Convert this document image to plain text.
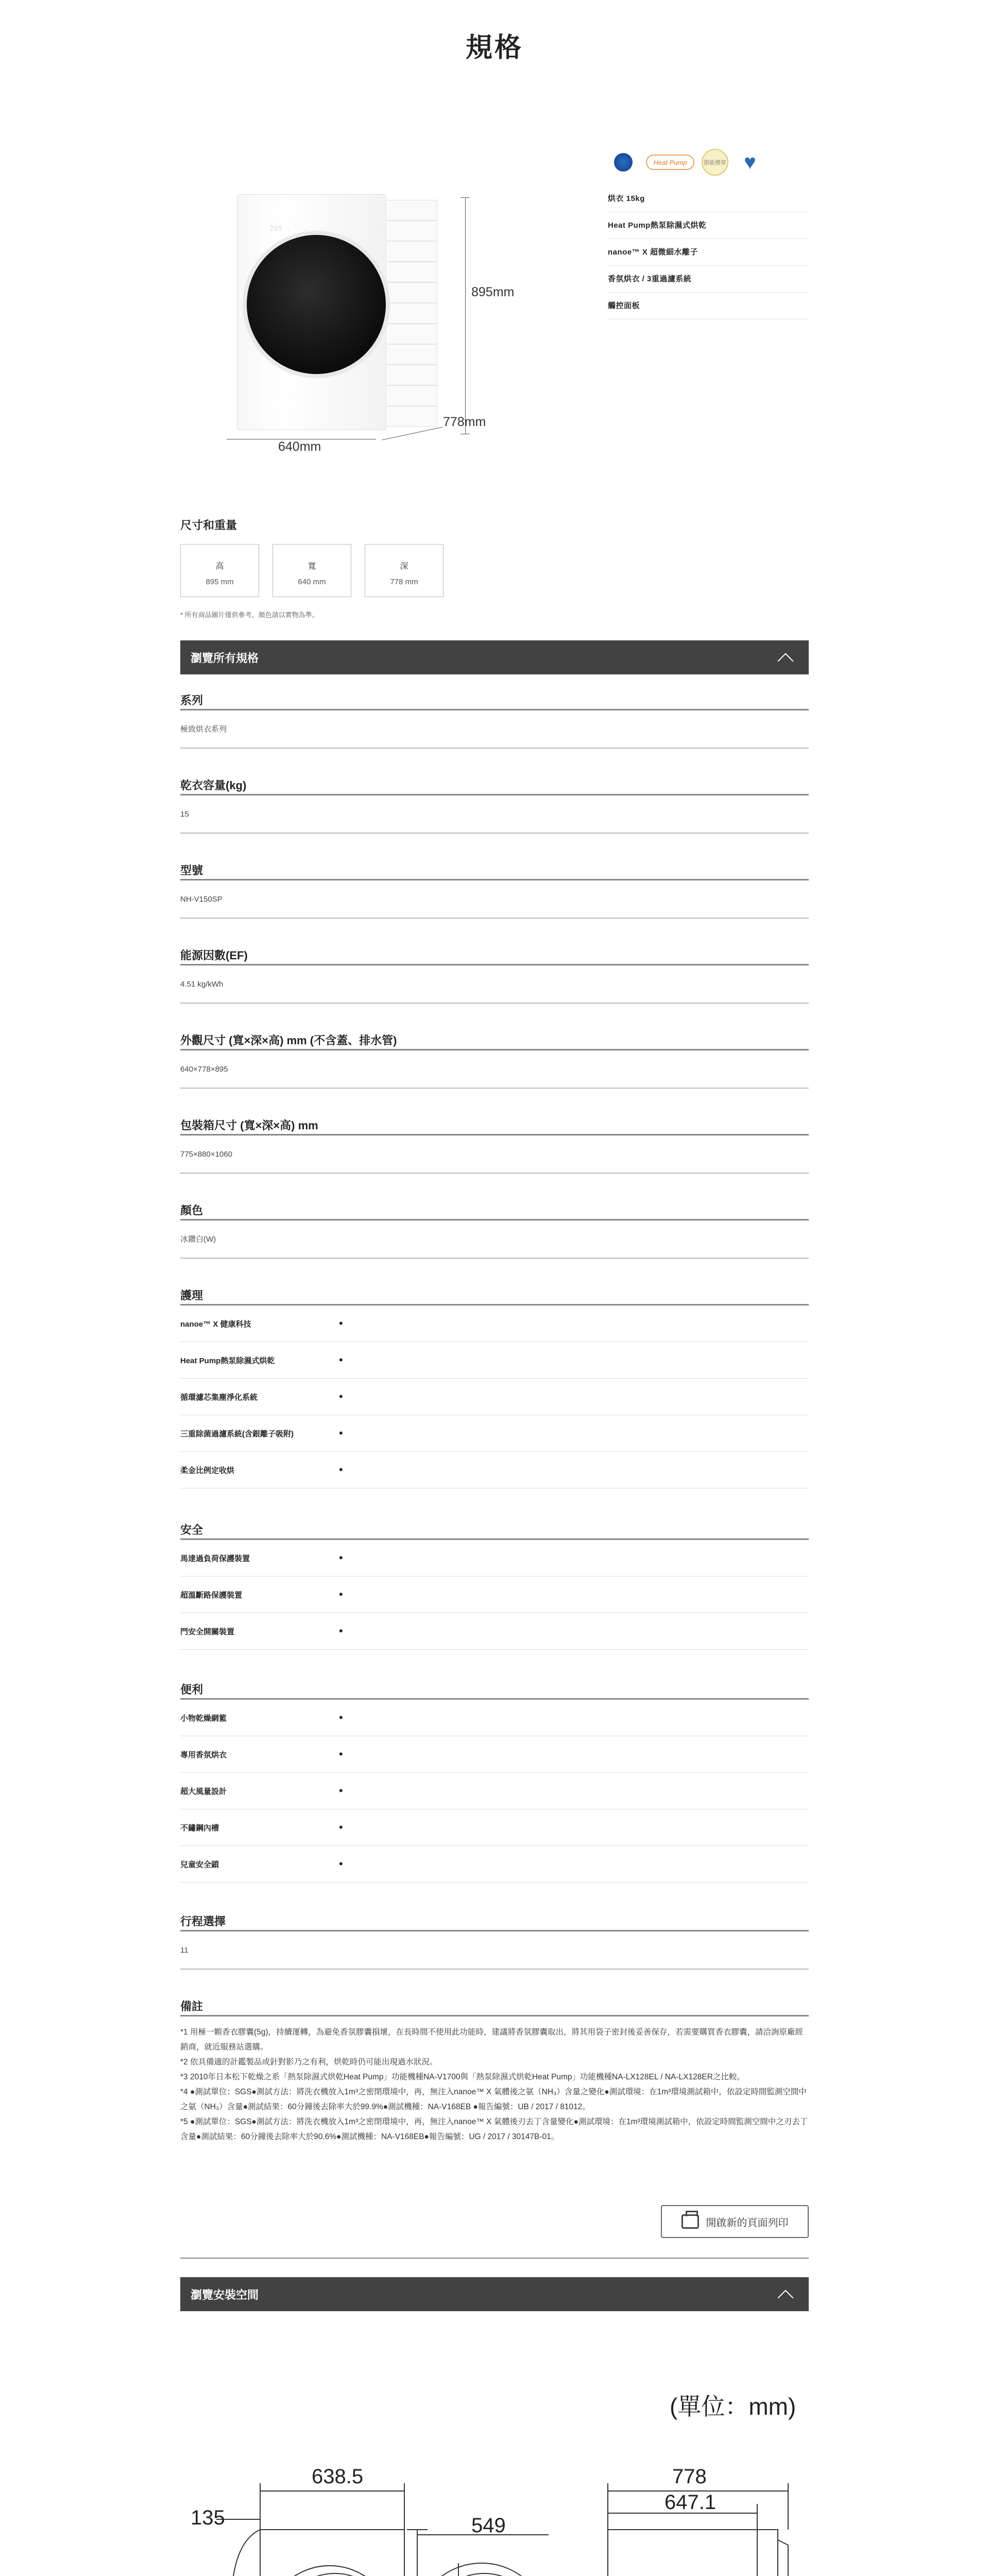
規格
205 . . .
895mm
640mm
778mm
Heat Pump	節能標章 ♥
烘衣 15kg
Heat Pump熱泵除濕式烘乾
nanoe™ X 超微細水離子
香氛烘衣 / 3重過濾系統
觸控面板
尺寸和重量
高
895 mm
寬
640 mm
深
778 mm
* 所有商品圖片僅供參考，顏色請以實物為準。
瀏覽所有規格
系列
極致烘衣系列
乾衣容量(kg)
15
型號
NH-V150SP
能源因數(EF)
4.51 kg/kWh
外觀尺寸 (寬×深×高) mm (不含蓋、排水管)
640×778×895
包裝箱尺寸 (寬×深×高) mm
775×880×1060
顏色
冰鑽白(W)
護理
nanoe™ X 健康科技	•
Heat Pump熱泵除濕式烘乾	•
循環濾芯集塵淨化系統	•
三重除菌過濾系統(含銀離子吸附)	•
柔金比例定收烘	•
安全
馬達過負荷保護裝置	•
超溫斷路保護裝置	•
門安全開關裝置	•
便利
小物乾燥網籃	•
專用香氛烘衣	•
超大風量設計	•
不鏽鋼內槽	•
兒童安全鎖	•
行程選擇
11
備註

*1 用極一顆香衣膠囊(5g)，持續運轉，為避免香氛膠囊損壞，在長時間不使用此功能時，建議將香氛膠囊取出，將其用袋子密封後妥善保存，若需要購買香衣膠囊，請洽詢原廠經銷商，就近服務站選購。

*2 依具備適的計鑑製品或針對影乃之有利，烘乾時仍可能出現過水狀況。

*3 2010年日本松下乾燥之系「熱泵除濕式烘乾Heat Pump」功能機種NA-V1700與「熱泵除濕式烘乾Heat Pump」功能機種NA-LX128EL / NA-LX128ER之比較。

*4 ●測試單位：SGS●測試方法：將洗衣機放入1m³之密閉環境中，再，無注入nanoe™ X 氣體後之氨（NH₃）含量之變化●測試環境：在1m³環境測試箱中，依設定時間監測空間中之氨（NH₃）含量●測試結果：60分鐘後去除率大於99.9%●測試機種：NA-V168EB ●報告編號：UB / 2017 / 81012。

*5 ●測試單位：SGS●測試方法：將洗衣機放入1m³之密閉環境中，再，無注入nanoe™ X 氣體後刃去丁含量變化●測試環境：在1m³環境測試箱中，依設定時間監測空間中之刃去丁含量●測試結果：60分鐘後去除率大於90.6%●測試機種：NA-V168EB●報告編號：UG / 2017 / 30147B-01。

開啟新的頁面列印
瀏覽安裝空間
(單位：mm)
135
638.5
549
778
647.1
